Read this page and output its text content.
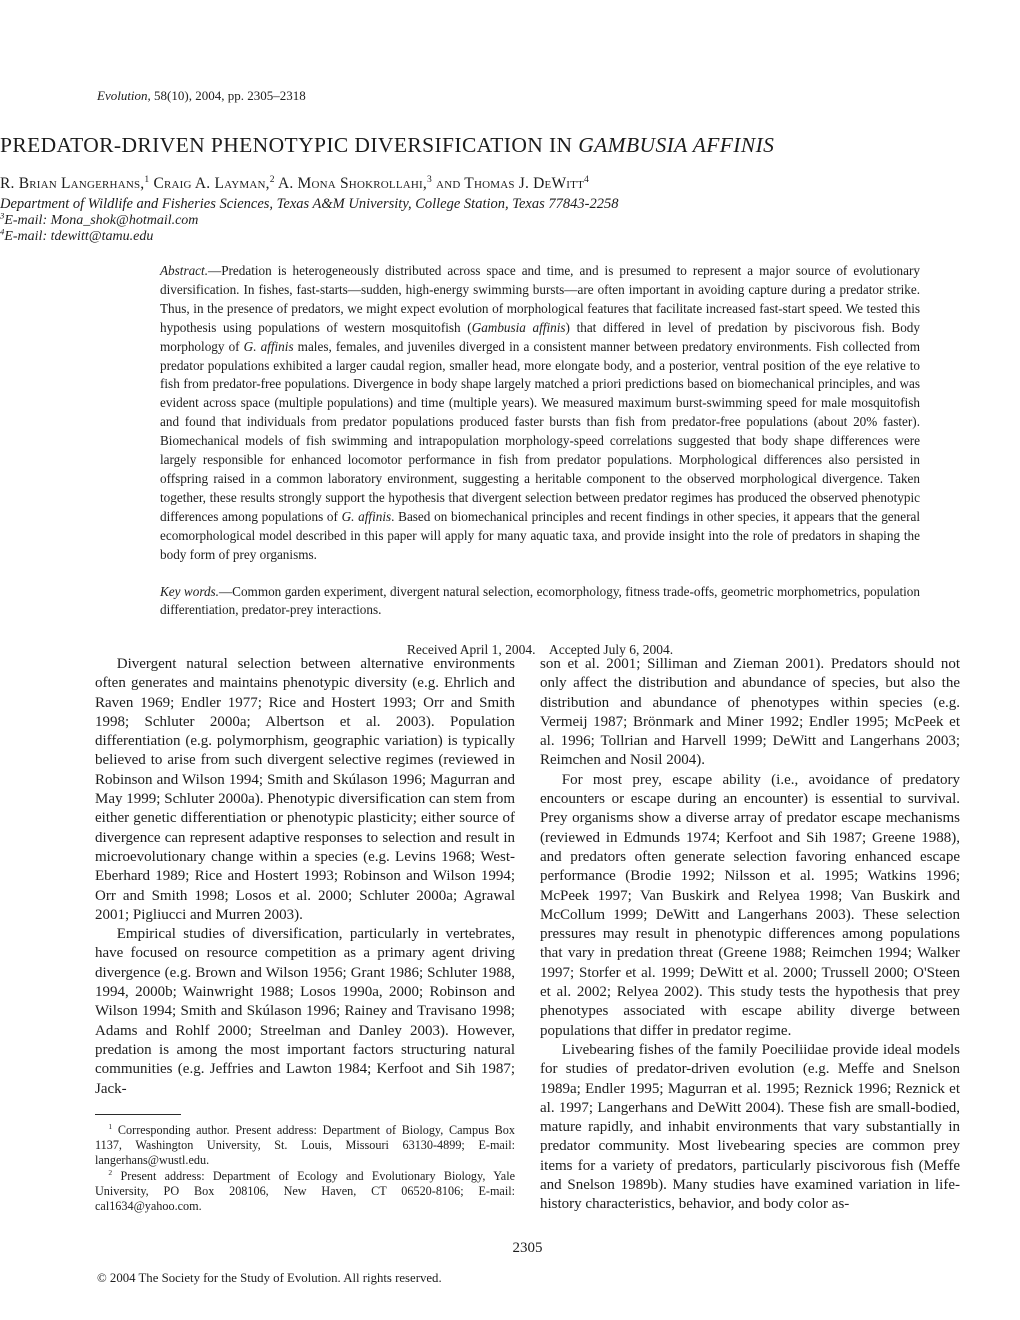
Evolution, 58(10), 2004, pp. 2305–2318
PREDATOR-DRIVEN PHENOTYPIC DIVERSIFICATION IN GAMBUSIA AFFINIS
R. Brian Langerhans,$^1$ Craig A. Layman,$^2$ A. Mona Shokrollahi,$^3$ and Thomas J. DeWitt$^4$
Department of Wildlife and Fisheries Sciences, Texas A&M University, College Station, Texas 77843-2258
$^3$E-mail: Mona_shok@hotmail.com
$^4$E-mail: tdewitt@tamu.edu

Abstract.—Predation is heterogeneously distributed across space and time, and is presumed to represent a major source of evolutionary diversification. In fishes, fast-starts—sudden, high-energy swimming bursts—are often important in avoiding capture during a predator strike. Thus, in the presence of predators, we might expect evolution of morphological features that facilitate increased fast-start speed. We tested this hypothesis using populations of western mosquitofish (Gambusia affinis) that differed in level of predation by piscivorous fish. Body morphology of G. affinis males, females, and juveniles diverged in a consistent manner between predatory environments. Fish collected from predator populations exhibited a larger caudal region, smaller head, more elongate body, and a posterior, ventral position of the eye relative to fish from predator-free populations. Divergence in body shape largely matched a priori predictions based on biomechanical principles, and was evident across space (multiple populations) and time (multiple years). We measured maximum burst-swimming speed for male mosquitofish and found that individuals from predator populations produced faster bursts than fish from predator-free populations (about 20% faster). Biomechanical models of fish swimming and intrapopulation morphology-speed correlations suggested that body shape differences were largely responsible for enhanced locomotor performance in fish from predator populations. Morphological differences also persisted in offspring raised in a common laboratory environment, suggesting a heritable component to the observed morphological divergence. Taken together, these results strongly support the hypothesis that divergent selection between predator regimes has produced the observed phenotypic differences among populations of G. affinis. Based on biomechanical principles and recent findings in other species, it appears that the general ecomorphological model described in this paper will apply for many aquatic taxa, and provide insight into the role of predators in shaping the body form of prey organisms.

Key words.—Common garden experiment, divergent natural selection, ecomorphology, fitness trade-offs, geometric morphometrics, population differentiation, predator-prey interactions.

Received April 1, 2004. Accepted July 6, 2004.

Divergent natural selection between alternative environments often generates and maintains phenotypic diversity (e.g. Ehrlich and Raven 1969; Endler 1977; Rice and Hostert 1993; Orr and Smith 1998; Schluter 2000a; Albertson et al. 2003). Population differentiation (e.g. polymorphism, geographic variation) is typically believed to arise from such divergent selective regimes (reviewed in Robinson and Wilson 1994; Smith and Skúlason 1996; Magurran and May 1999; Schluter 2000a). Phenotypic diversification can stem from either genetic differentiation or phenotypic plasticity; either source of divergence can represent adaptive responses to selection and result in microevolutionary change within a species (e.g. Levins 1968; West-Eberhard 1989; Rice and Hostert 1993; Robinson and Wilson 1994; Orr and Smith 1998; Losos et al. 2000; Schluter 2000a; Agrawal 2001; Pigliucci and Murren 2003).

Empirical studies of diversification, particularly in vertebrates, have focused on resource competition as a primary agent driving divergence (e.g. Brown and Wilson 1956; Grant 1986; Schluter 1988, 1994, 2000b; Wainwright 1988; Losos 1990a, 2000; Robinson and Wilson 1994; Smith and Skúlason 1996; Rainey and Travisano 1998; Adams and Rohlf 2000; Streelman and Danley 2003). However, predation is among the most important factors structuring natural communities (e.g. Jeffries and Lawton 1984; Kerfoot and Sih 1987; Jack-

$^1$ Corresponding author. Present address: Department of Biology, Campus Box 1137, Washington University, St. Louis, Missouri 63130-4899; E-mail: langerhans@wustl.edu.

$^2$ Present address: Department of Ecology and Evolutionary Biology, Yale University, PO Box 208106, New Haven, CT 06520-8106; E-mail: cal1634@yahoo.com.

son et al. 2001; Silliman and Zieman 2001). Predators should not only affect the distribution and abundance of species, but also the distribution and abundance of phenotypes within species (e.g. Vermeij 1987; Brönmark and Miner 1992; Endler 1995; McPeek et al. 1996; Tollrian and Harvell 1999; DeWitt and Langerhans 2003; Reimchen and Nosil 2004).

For most prey, escape ability (i.e., avoidance of predatory encounters or escape during an encounter) is essential to survival. Prey organisms show a diverse array of predator escape mechanisms (reviewed in Edmunds 1974; Kerfoot and Sih 1987; Greene 1988), and predators often generate selection favoring enhanced escape performance (Brodie 1992; Nilsson et al. 1995; Watkins 1996; McPeek 1997; Van Buskirk and Relyea 1998; Van Buskirk and McCollum 1999; DeWitt and Langerhans 2003). These selection pressures may result in phenotypic differences among populations that vary in predation threat (Greene 1988; Reimchen 1994; Walker 1997; Storfer et al. 1999; DeWitt et al. 2000; Trussell 2000; O'Steen et al. 2002; Relyea 2002). This study tests the hypothesis that prey phenotypes associated with escape ability diverge between populations that differ in predator regime.

Livebearing fishes of the family Poeciliidae provide ideal models for studies of predator-driven evolution (e.g. Meffe and Snelson 1989a; Endler 1995; Magurran et al. 1995; Reznick 1996; Reznick et al. 1997; Langerhans and DeWitt 2004). These fish are small-bodied, mature rapidly, and inhabit environments that vary substantially in predator community. Most livebearing species are common prey items for a variety of predators, particularly piscivorous fish (Meffe and Snelson 1989b). Many studies have examined variation in life-history characteristics, behavior, and body color as-

2305
© 2004 The Society for the Study of Evolution. All rights reserved.
